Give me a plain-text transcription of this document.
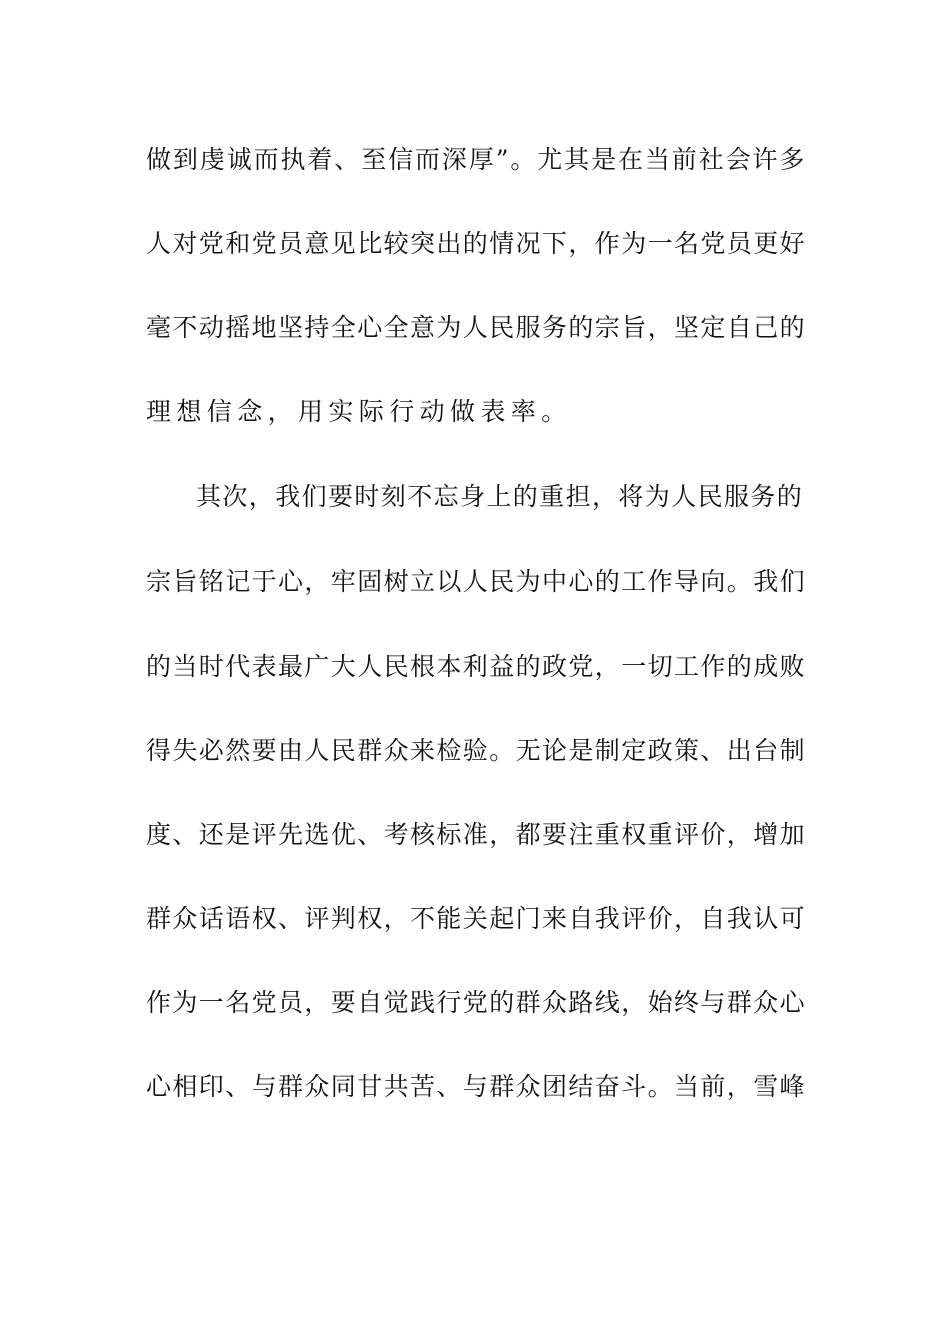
做到虔诚而执着、至信而深厚”。尤其是在当前社会许多
人对党和党员意见比较突出的情况下，作为一名党员更好
毫不动摇地坚持全心全意为人民服务的宗旨，坚定自己的
理想信念，用实际行动做表率。
其次，我们要时刻不忘身上的重担，将为人民服务的
宗旨铭记于心，牢固树立以人民为中心的工作导向。我们
的当时代表最广大人民根本利益的政党，一切工作的成败
得失必然要由人民群众来检验。无论是制定政策、出台制
度、还是评先选优、考核标准，都要注重权重评价，增加
群众话语权、评判权，不能关起门来自我评价，自我认可
作为一名党员，要自觉践行党的群众路线，始终与群众心
心相印、与群众同甘共苦、与群众团结奋斗。当前，雪峰
